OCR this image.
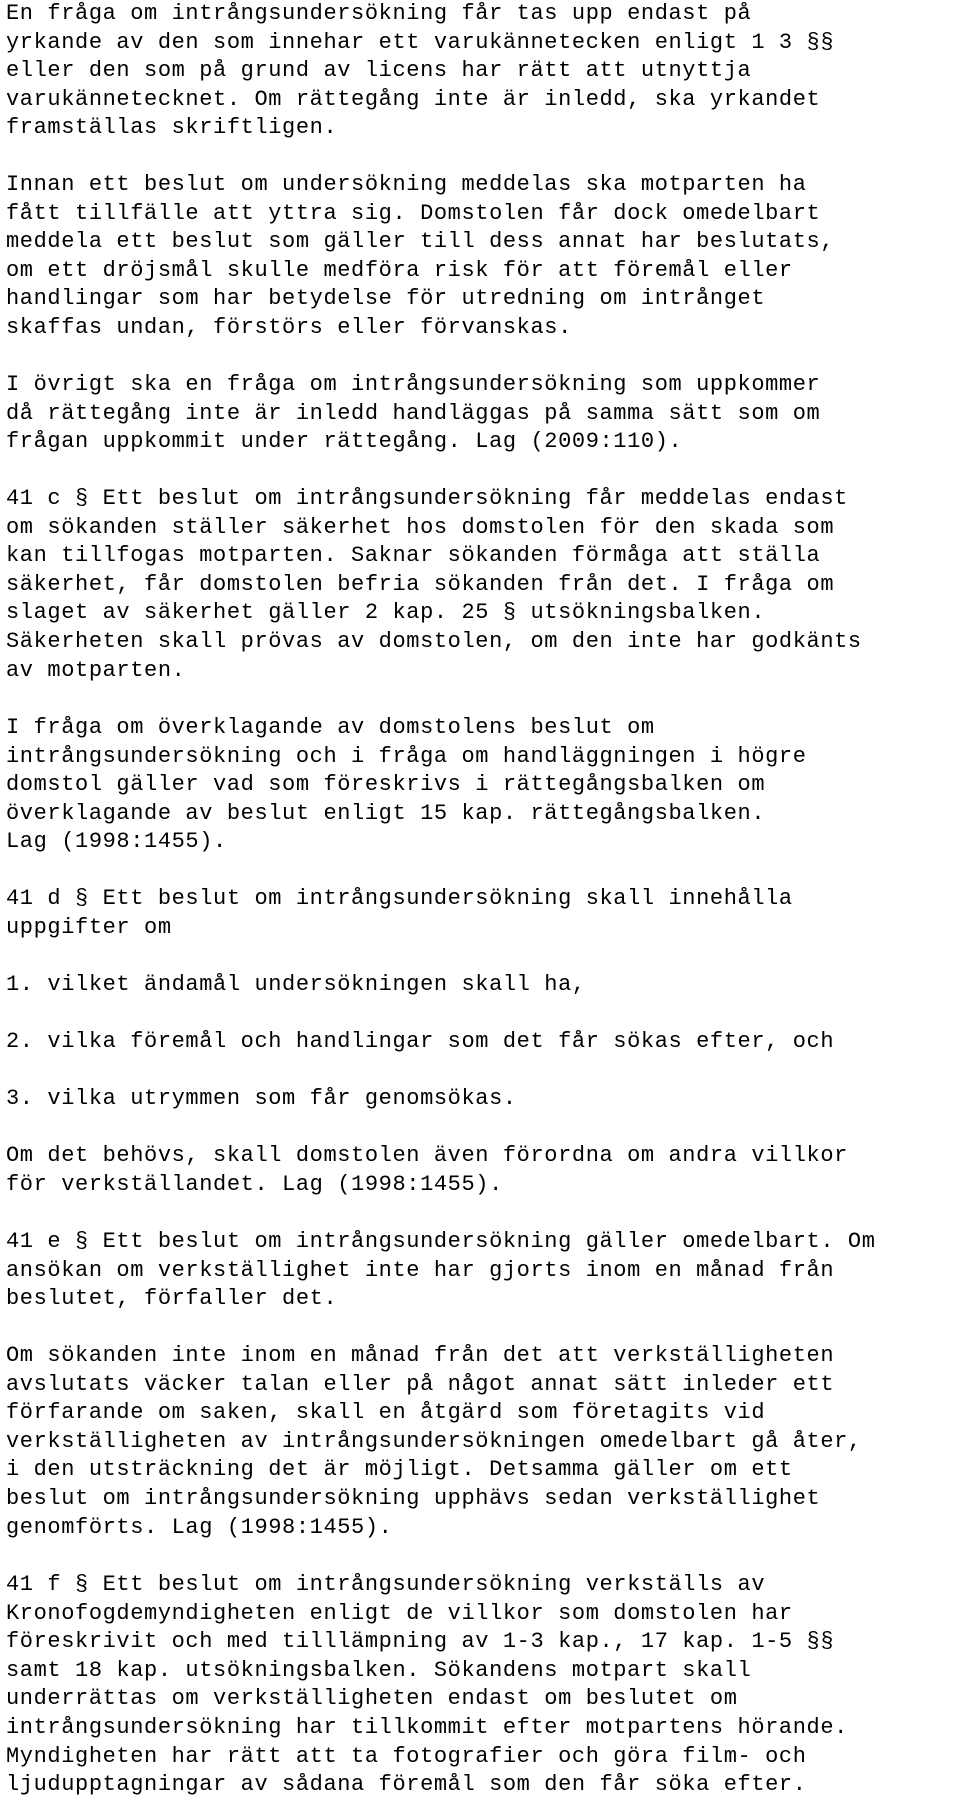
En fråga om intrångsundersökning får tas upp endast på
yrkande av den som innehar ett varukännetecken enligt 1 3 §§
eller den som på grund av licens har rätt att utnyttja
varukännetecknet. Om rättegång inte är inledd, ska yrkandet
framställas skriftligen.
Innan ett beslut om undersökning meddelas ska motparten ha
fått tillfälle att yttra sig. Domstolen får dock omedelbart
meddela ett beslut som gäller till dess annat har beslutats,
om ett dröjsmål skulle medföra risk för att föremål eller
handlingar som har betydelse för utredning om intrånget
skaffas undan, förstörs eller förvanskas.
I övrigt ska en fråga om intrångsundersökning som uppkommer
då rättegång inte är inledd handläggas på samma sätt som om
frågan uppkommit under rättegång. Lag (2009:110).
41 c § Ett beslut om intrångsundersökning får meddelas endast
om sökanden ställer säkerhet hos domstolen för den skada som
kan tillfogas motparten. Saknar sökanden förmåga att ställa
säkerhet, får domstolen befria sökanden från det. I fråga om
slaget av säkerhet gäller 2 kap. 25 § utsökningsbalken.
Säkerheten skall prövas av domstolen, om den inte har godkänts
av motparten.
I fråga om överklagande av domstolens beslut om
intrångsundersökning och i fråga om handläggningen i högre
domstol gäller vad som föreskrivs i rättegångsbalken om
överklagande av beslut enligt 15 kap. rättegångsbalken.
Lag (1998:1455).
41 d § Ett beslut om intrångsundersökning skall innehålla
uppgifter om
1. vilket ändamål undersökningen skall ha,
2. vilka föremål och handlingar som det får sökas efter, och
3. vilka utrymmen som får genomsökas.
Om det behövs, skall domstolen även förordna om andra villkor
för verkställandet. Lag (1998:1455).
41 e § Ett beslut om intrångsundersökning gäller omedelbart. Om
ansökan om verkställighet inte har gjorts inom en månad från
beslutet, förfaller det.
Om sökanden inte inom en månad från det att verkställigheten
avslutats väcker talan eller på något annat sätt inleder ett
förfarande om saken, skall en åtgärd som företagits vid
verkställigheten av intrångsundersökningen omedelbart gå åter,
i den utsträckning det är möjligt. Detsamma gäller om ett
beslut om intrångsundersökning upphävs sedan verkställighet
genomförts. Lag (1998:1455).
41 f § Ett beslut om intrångsundersökning verkställs av
Kronofogdemyndigheten enligt de villkor som domstolen har
föreskrivit och med tilllämpning av 1-3 kap., 17 kap. 1-5 §§
samt 18 kap. utsökningsbalken. Sökandens motpart skall
underrättas om verkställigheten endast om beslutet om
intrångsundersökning har tillkommit efter motpartens hörande.
Myndigheten har rätt att ta fotografier och göra film- och
ljudupptagningar av sådana föremål som den får söka efter.
